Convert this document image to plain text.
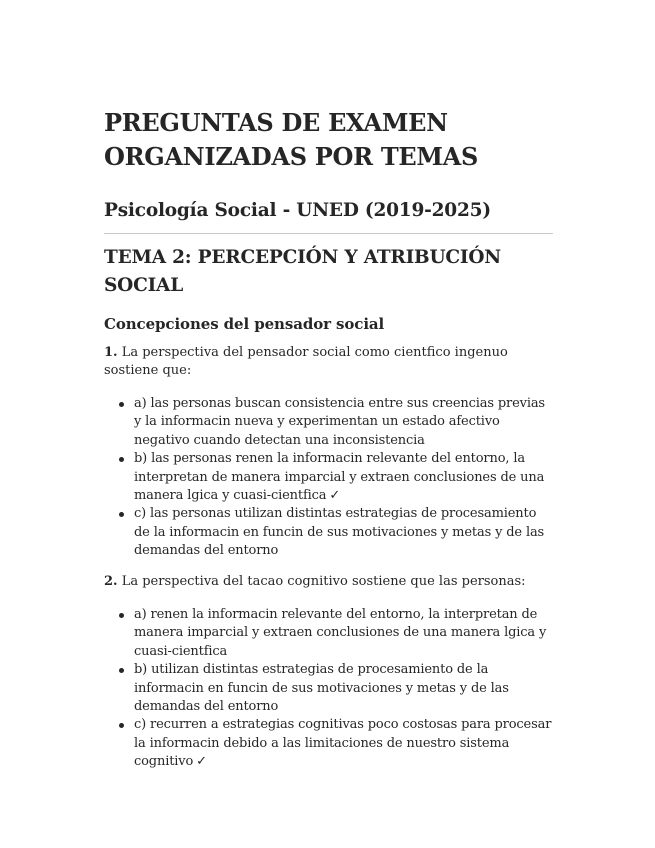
PREGUNTAS DE EXAMEN ORGANIZADAS POR TEMAS
Psicología Social - UNED (2019-2025)
TEMA 2: PERCEPCIÓN Y ATRIBUCIÓN SOCIAL
Concepciones del pensador social

1. La perspectiva del pensador social como cientfico ingenuo sostiene que:

a) las personas buscan consistencia entre sus creencias previas y la informacin nueva y experimentan un estado afectivo negativo cuando detectan una inconsistencia
b) las personas renen la informacin relevante del entorno, la interpretan de manera imparcial y extraen conclusiones de una manera lgica y cuasi-cientfica ✓
c) las personas utilizan distintas estrategias de procesamiento de la informacin en funcin de sus motivaciones y metas y de las demandas del entorno

2. La perspectiva del tacao cognitivo sostiene que las personas:

a) renen la informacin relevante del entorno, la interpretan de manera imparcial y extraen conclusiones de una manera lgica y cuasi-cientfica
b) utilizan distintas estrategias de procesamiento de la informacin en funcin de sus motivaciones y metas y de las demandas del entorno
c) recurren a estrategias cognitivas poco costosas para procesar la informacin debido a las limitaciones de nuestro sistema cognitivo ✓
